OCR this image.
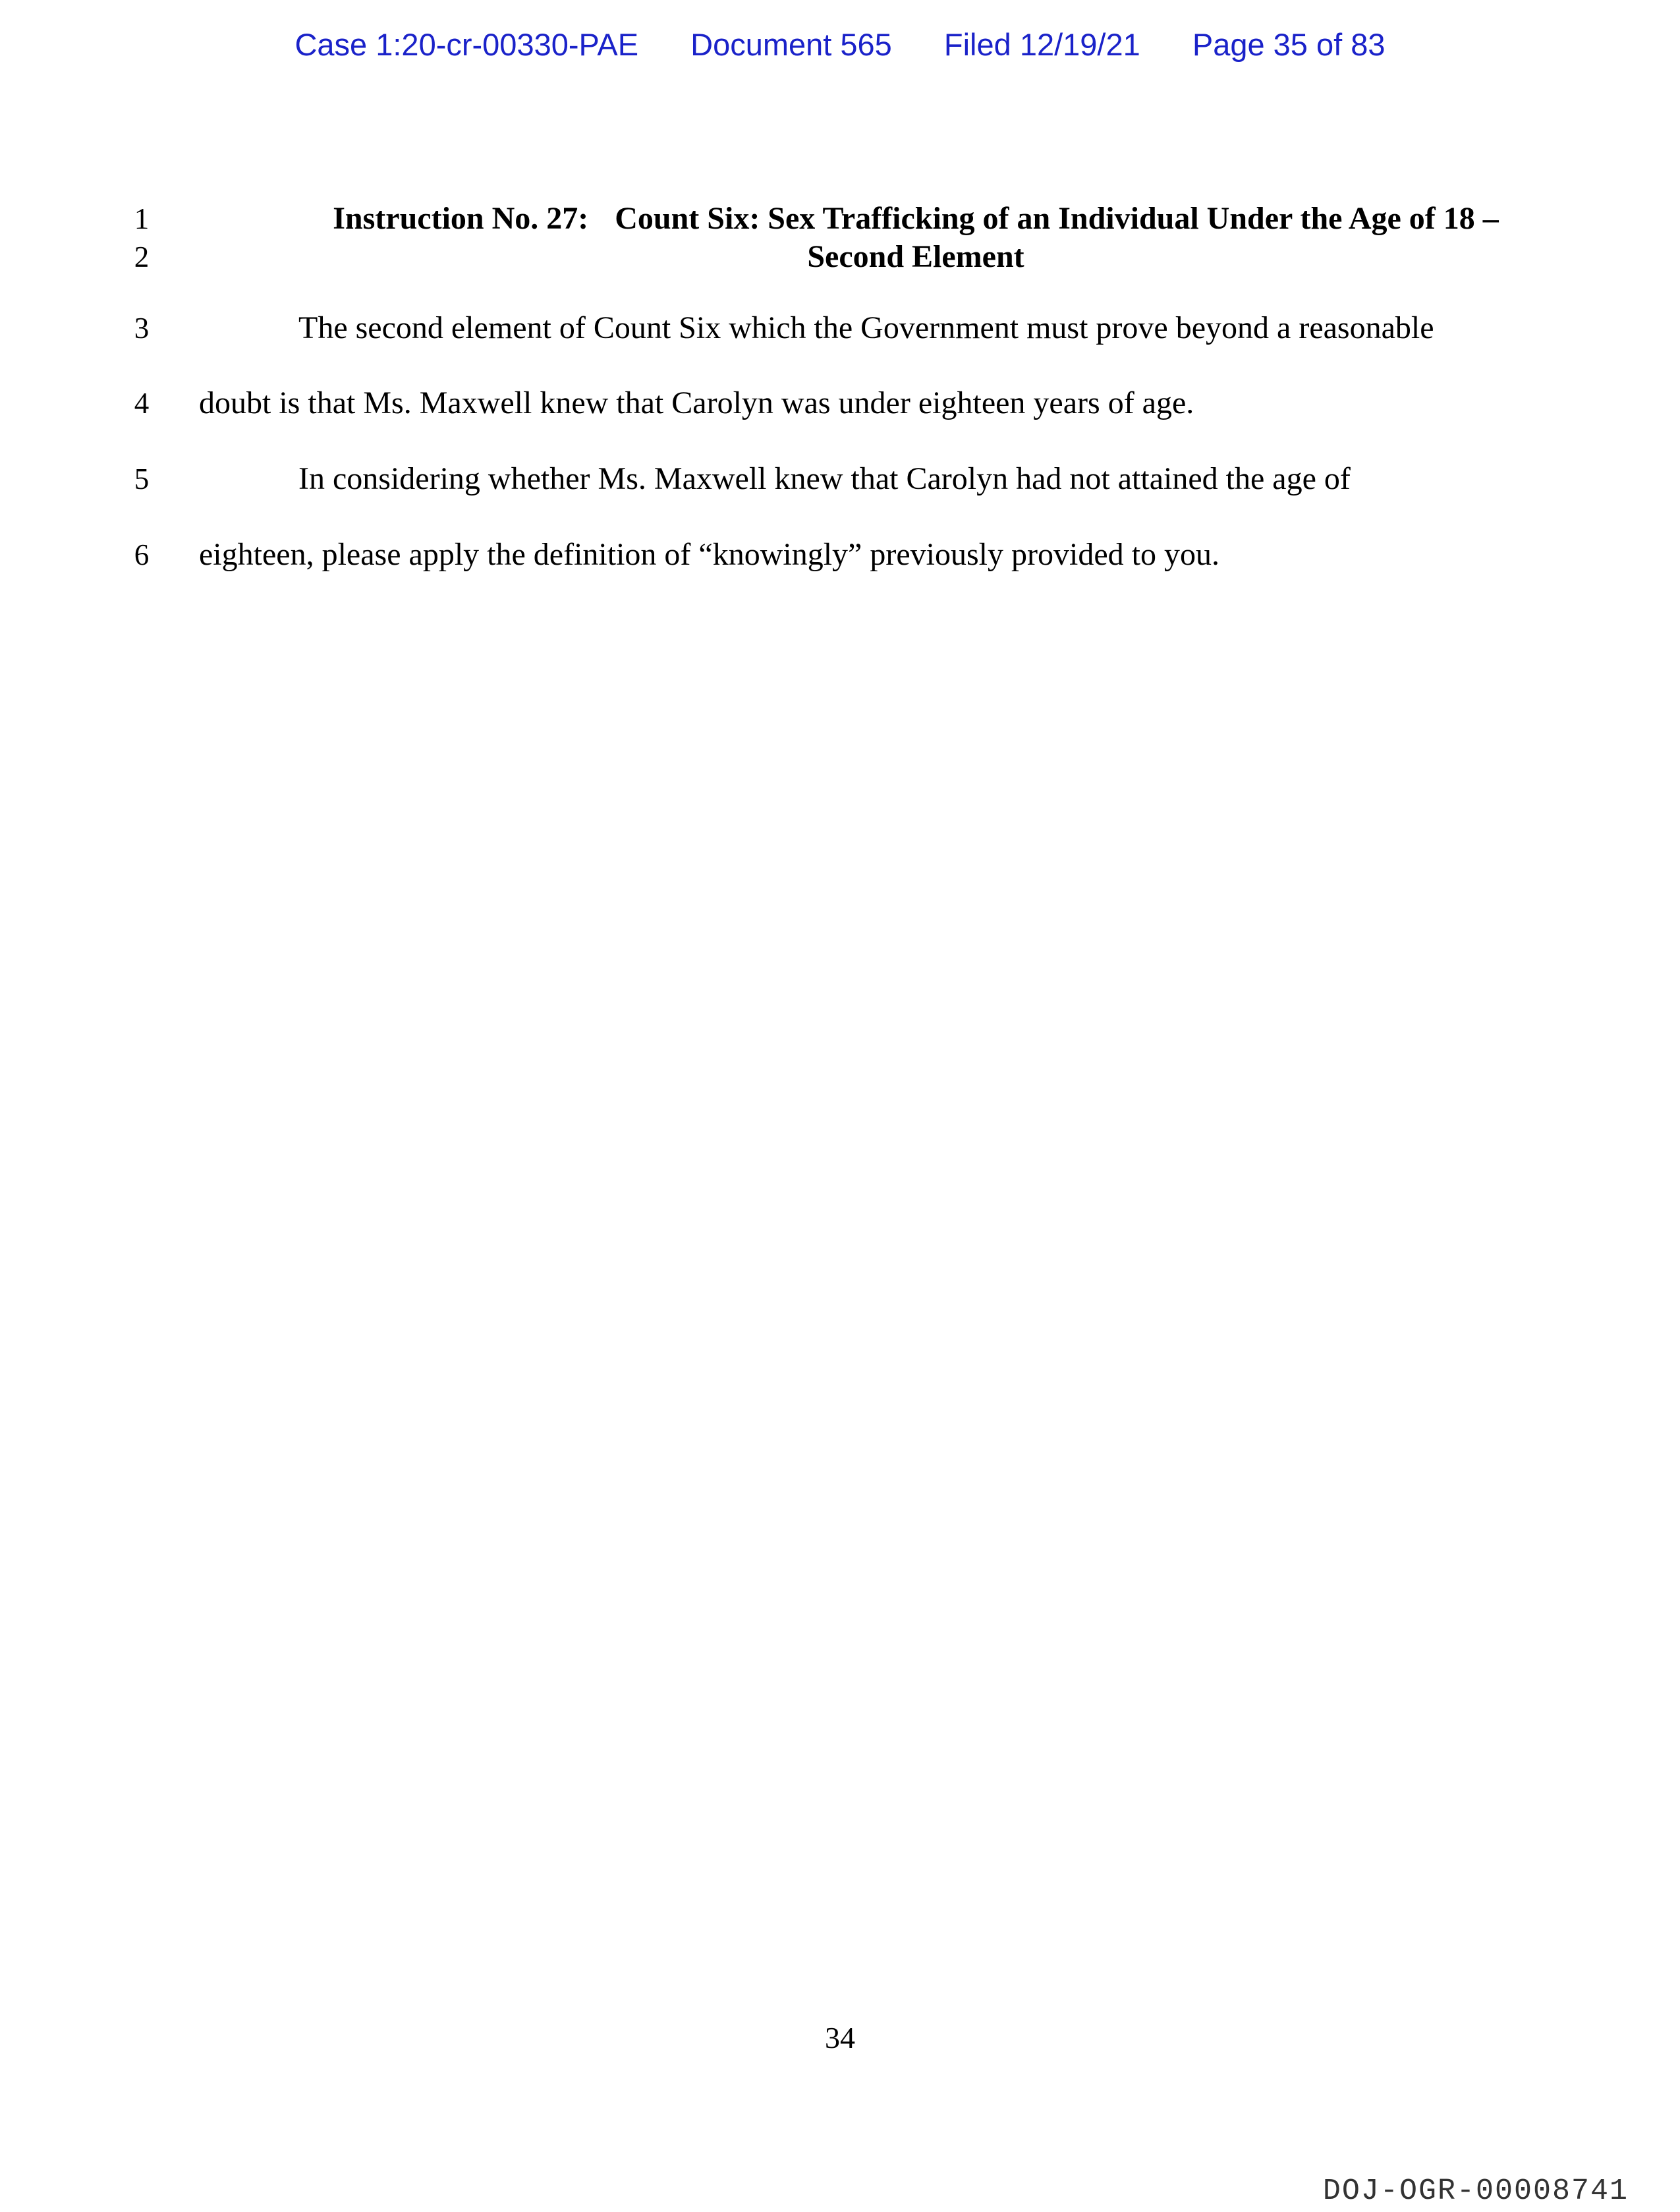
Case 1:20-cr-00330-PAE Document 565 Filed 12/19/21 Page 35 of 83
1
2
3
4
5
6
Instruction No. 27: Count Six: Sex Trafficking of an Individual Under the Age of 18 –
Second Element
The second element of Count Six which the Government must prove beyond a reasonable
doubt is that Ms. Maxwell knew that Carolyn was under eighteen years of age.
In considering whether Ms. Maxwell knew that Carolyn had not attained the age of
eighteen, please apply the definition of “knowingly” previously provided to you.
34
DOJ-OGR-00008741
